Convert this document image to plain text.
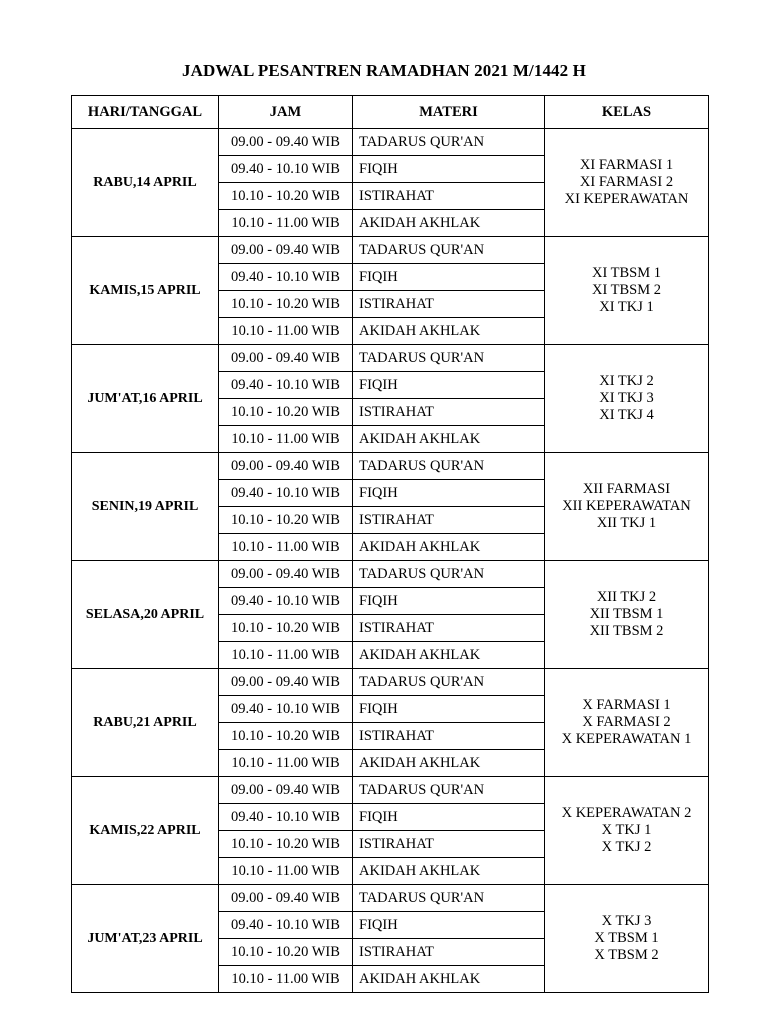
JADWAL PESANTREN RAMADHAN 2021 M/1442 H
HARI/TANGGAL	JAM	MATERI	KELAS
RABU,14 APRIL	09.00 - 09.40 WIB	TADARUS QUR'AN	XI FARMASI 1
XI FARMASI 2
XI KEPERAWATAN

	09.40 - 10.10 WIB	FIQIH	
	10.10 - 10.20 WIB	ISTIRAHAT	
	10.10 - 11.00 WIB	AKIDAH AKHLAK	
KAMIS,15 APRIL	09.00 - 09.40 WIB	TADARUS QUR'AN	XI TBSM 1
XI TBSM 2
XI TKJ 1

	09.40 - 10.10 WIB	FIQIH	
	10.10 - 10.20 WIB	ISTIRAHAT	
	10.10 - 11.00 WIB	AKIDAH AKHLAK	
JUM'AT,16 APRIL	09.00 - 09.40 WIB	TADARUS QUR'AN	XI TKJ 2
XI TKJ 3
XI TKJ 4

	09.40 - 10.10 WIB	FIQIH	
	10.10 - 10.20 WIB	ISTIRAHAT	
	10.10 - 11.00 WIB	AKIDAH AKHLAK	
SENIN,19 APRIL	09.00 - 09.40 WIB	TADARUS QUR'AN	XII FARMASI
XII KEPERAWATAN
XII TKJ 1

	09.40 - 10.10 WIB	FIQIH	
	10.10 - 10.20 WIB	ISTIRAHAT	
	10.10 - 11.00 WIB	AKIDAH AKHLAK	
SELASA,20 APRIL	09.00 - 09.40 WIB	TADARUS QUR'AN	XII TKJ 2
XII TBSM 1
XII TBSM 2

	09.40 - 10.10 WIB	FIQIH	
	10.10 - 10.20 WIB	ISTIRAHAT	
	10.10 - 11.00 WIB	AKIDAH AKHLAK	
RABU,21 APRIL	09.00 - 09.40 WIB	TADARUS QUR'AN	X FARMASI 1
X FARMASI 2
X KEPERAWATAN 1

	09.40 - 10.10 WIB	FIQIH	
	10.10 - 10.20 WIB	ISTIRAHAT	
	10.10 - 11.00 WIB	AKIDAH AKHLAK	
KAMIS,22 APRIL	09.00 - 09.40 WIB	TADARUS QUR'AN	X KEPERAWATAN 2
X TKJ 1
X TKJ 2

	09.40 - 10.10 WIB	FIQIH	
	10.10 - 10.20 WIB	ISTIRAHAT	
	10.10 - 11.00 WIB	AKIDAH AKHLAK	
JUM'AT,23 APRIL	09.00 - 09.40 WIB	TADARUS QUR'AN	X TKJ 3
X TBSM 1
X TBSM 2

	09.40 - 10.10 WIB	FIQIH	
	10.10 - 10.20 WIB	ISTIRAHAT	
	10.10 - 11.00 WIB	AKIDAH AKHLAK	
